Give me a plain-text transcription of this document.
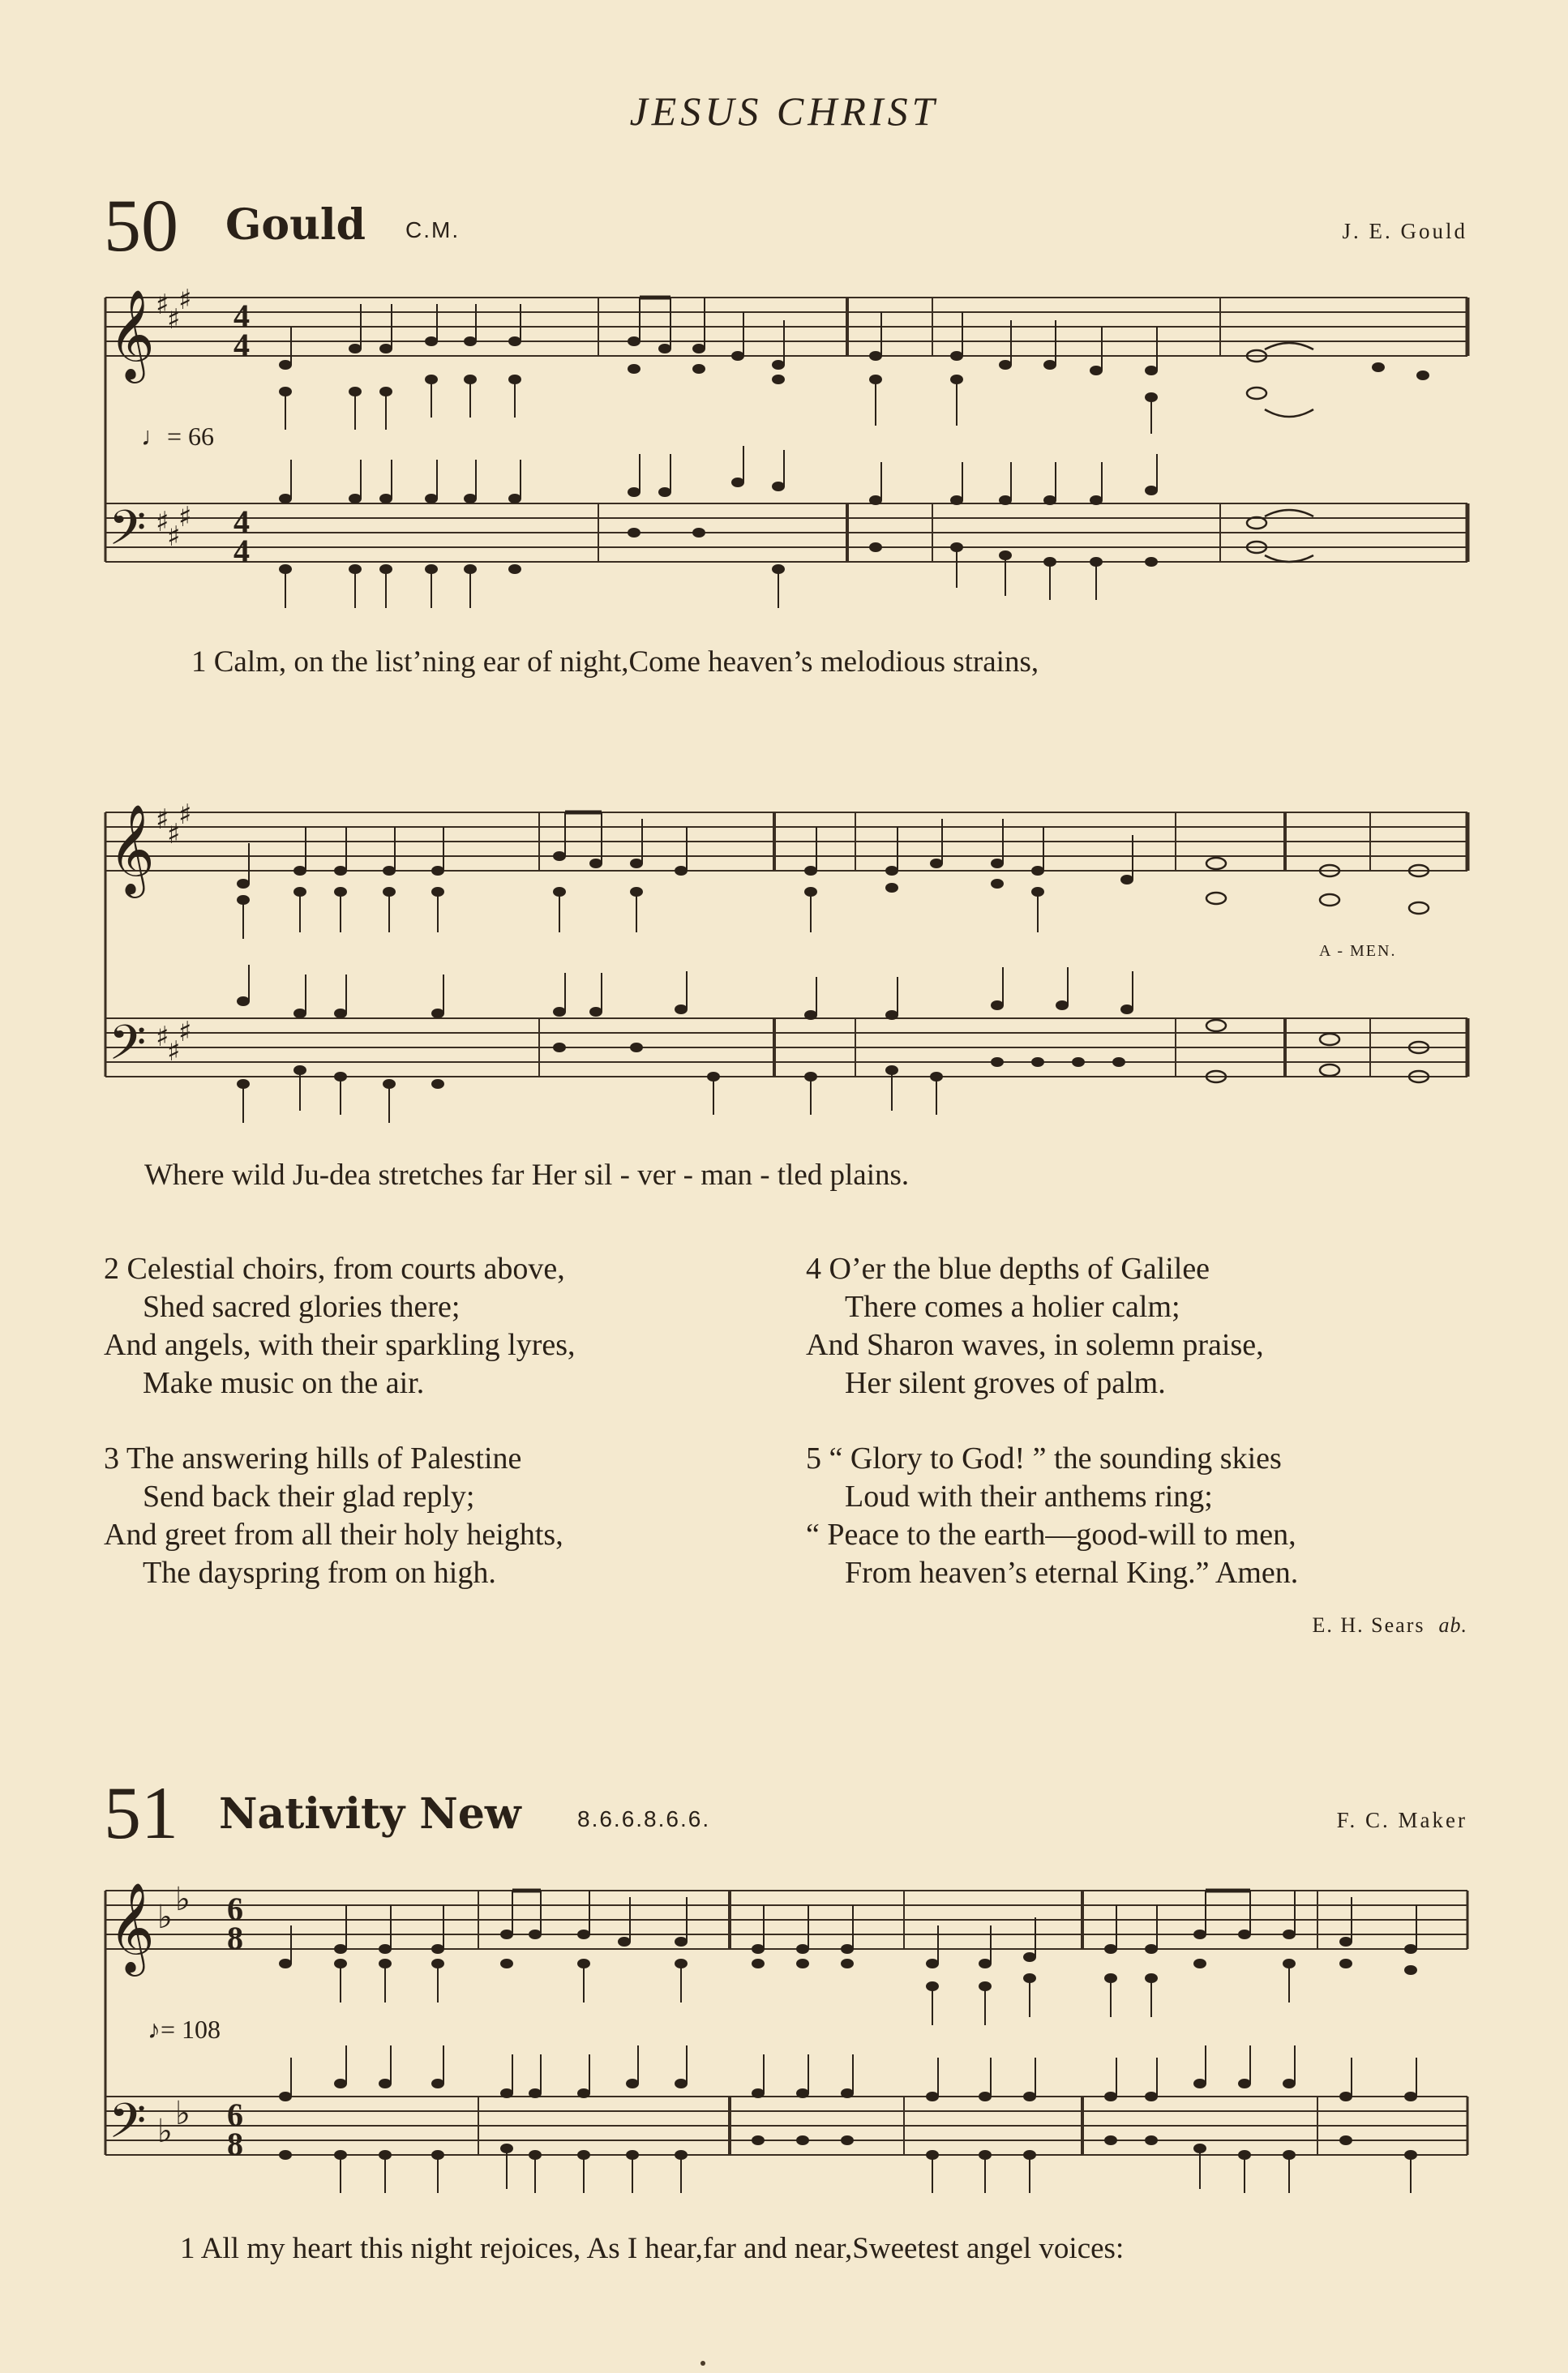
JESUS CHRIST
50 Gould C.M.	J. E. Gould
𝄞
𝄢
♯
♯
♯
♯
♯
♯
4
4
4
4
♩= 66
1 Calm, on the list’ning ear of night,Come heaven’s melodious strains,
𝄞
𝄢
♯
♯
♯
♯
♯
♯
A - MEN.
Where wild Ju-dea stretches far Her sil - ver - man - tled plains.
2 Celestial choirs, from courts above,
Shed sacred glories there;
And angels, with their sparkling lyres,
Make music on the air.
3 The answering hills of Palestine
Send back their glad reply;
And greet from all their holy heights,
The dayspring from on high.
4 O’er the blue depths of Galilee
There comes a holier calm;
And Sharon waves, in solemn praise,
Her silent groves of palm.
5 “ Glory to God! ” the sounding skies
Loud with their anthems ring;
“ Peace to the earth—good-will to men,
From heaven’s eternal King.” Amen.
E. H. Sears ab.
51 Nativity New 8.6.6.8.6.6.	F. C. Maker
𝄞
𝄢
♭ ♭
♭ ♭
6
8
6
8
♪= 108
1 All my heart this night rejoices, As I hear,far and near,Sweetest angel voices:
